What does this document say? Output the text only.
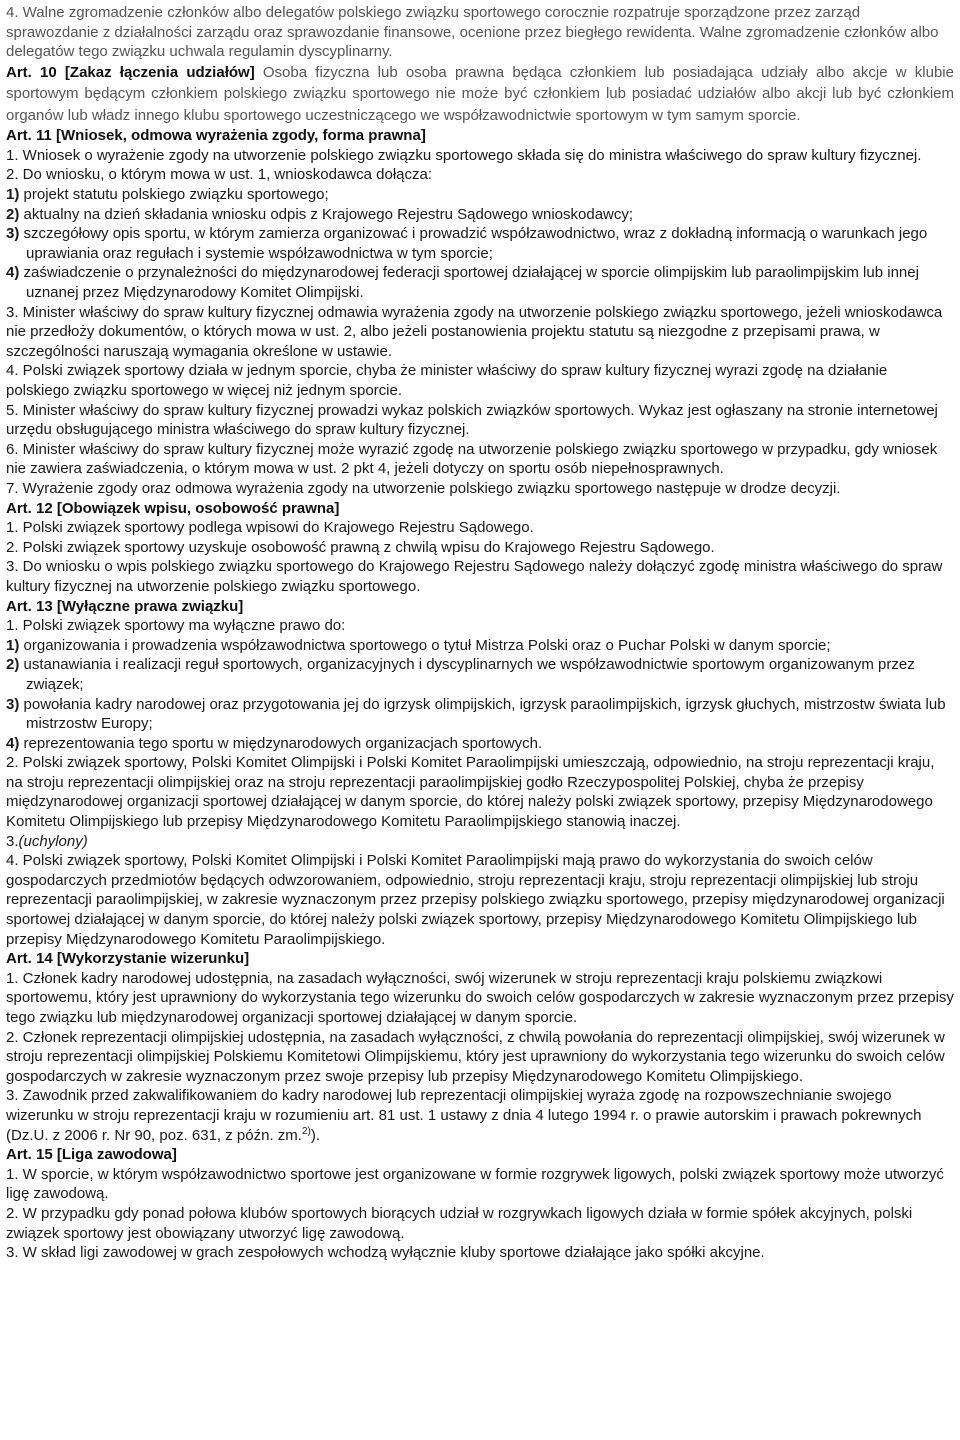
4. Walne zgromadzenie członków albo delegatów polskiego związku sportowego corocznie rozpatruje sporządzone przez zarząd sprawozdanie z działalności zarządu oraz sprawozdanie finansowe, ocenione przez biegłego rewidenta. Walne zgromadzenie członków albo delegatów tego związku uchwala regulamin dyscyplinarny.

Art. 10 [Zakaz łączenia udziałów] Osoba fizyczna lub osoba prawna będąca członkiem lub posiadająca udziały albo akcje w klubie sportowym będącym członkiem polskiego związku sportowego nie może być członkiem lub posiadać udziałów albo akcji lub być członkiem organów lub władz innego klubu sportowego uczestniczącego we współzawodnictwie sportowym w tym samym sporcie.

Art. 11 [Wniosek, odmowa wyrażenia zgody, forma prawna]

1. Wniosek o wyrażenie zgody na utworzenie polskiego związku sportowego składa się do ministra właściwego do spraw kultury fizycznej.

2. Do wniosku, o którym mowa w ust. 1, wnioskodawca dołącza:

1) projekt statutu polskiego związku sportowego;

2) aktualny na dzień składania wniosku odpis z Krajowego Rejestru Sądowego wnioskodawcy;

3) szczegółowy opis sportu, w którym zamierza organizować i prowadzić współzawodnictwo, wraz z dokładną informacją o warunkach jego uprawiania oraz regułach i systemie współzawodnictwa w tym sporcie;

4) zaświadczenie o przynależności do międzynarodowej federacji sportowej działającej w sporcie olimpijskim lub paraolimpijskim lub innej uznanej przez Międzynarodowy Komitet Olimpijski.

3. Minister właściwy do spraw kultury fizycznej odmawia wyrażenia zgody na utworzenie polskiego związku sportowego, jeżeli wnioskodawca nie przedłoży dokumentów, o których mowa w ust. 2, albo jeżeli postanowienia projektu statutu są niezgodne z przepisami prawa, w szczególności naruszają wymagania określone w ustawie.

4. Polski związek sportowy działa w jednym sporcie, chyba że minister właściwy do spraw kultury fizycznej wyrazi zgodę na działanie polskiego związku sportowego w więcej niż jednym sporcie.

5. Minister właściwy do spraw kultury fizycznej prowadzi wykaz polskich związków sportowych. Wykaz jest ogłaszany na stronie internetowej urzędu obsługującego ministra właściwego do spraw kultury fizycznej.

6. Minister właściwy do spraw kultury fizycznej może wyrazić zgodę na utworzenie polskiego związku sportowego w przypadku, gdy wniosek nie zawiera zaświadczenia, o którym mowa w ust. 2 pkt 4, jeżeli dotyczy on sportu osób niepełnosprawnych.

7. Wyrażenie zgody oraz odmowa wyrażenia zgody na utworzenie polskiego związku sportowego następuje w drodze decyzji.

Art. 12 [Obowiązek wpisu, osobowość prawna]

1. Polski związek sportowy podlega wpisowi do Krajowego Rejestru Sądowego.

2. Polski związek sportowy uzyskuje osobowość prawną z chwilą wpisu do Krajowego Rejestru Sądowego.

3. Do wniosku o wpis polskiego związku sportowego do Krajowego Rejestru Sądowego należy dołączyć zgodę ministra właściwego do spraw kultury fizycznej na utworzenie polskiego związku sportowego.

Art. 13 [Wyłączne prawa związku]

1. Polski związek sportowy ma wyłączne prawo do:

1) organizowania i prowadzenia współzawodnictwa sportowego o tytuł Mistrza Polski oraz o Puchar Polski w danym sporcie;

2) ustanawiania i realizacji reguł sportowych, organizacyjnych i dyscyplinarnych we współzawodnictwie sportowym organizowanym przez związek;

3) powołania kadry narodowej oraz przygotowania jej do igrzysk olimpijskich, igrzysk paraolimpijskich, igrzysk głuchych, mistrzostw świata lub mistrzostw Europy;

4) reprezentowania tego sportu w międzynarodowych organizacjach sportowych.

2. Polski związek sportowy, Polski Komitet Olimpijski i Polski Komitet Paraolimpijski umieszczają, odpowiednio, na stroju reprezentacji kraju, na stroju reprezentacji olimpijskiej oraz na stroju reprezentacji paraolimpijskiej godło Rzeczypospolitej Polskiej, chyba że przepisy międzynarodowej organizacji sportowej działającej w danym sporcie, do której należy polski związek sportowy, przepisy Międzynarodowego Komitetu Olimpijskiego lub przepisy Międzynarodowego Komitetu Paraolimpijskiego stanowią inaczej.

3.(uchylony)

4. Polski związek sportowy, Polski Komitet Olimpijski i Polski Komitet Paraolimpijski mają prawo do wykorzystania do swoich celów gospodarczych przedmiotów będących odwzorowaniem, odpowiednio, stroju reprezentacji kraju, stroju reprezentacji olimpijskiej lub stroju reprezentacji paraolimpijskiej, w zakresie wyznaczonym przez przepisy polskiego związku sportowego, przepisy międzynarodowej organizacji sportowej działającej w danym sporcie, do której należy polski związek sportowy, przepisy Międzynarodowego Komitetu Olimpijskiego lub przepisy Międzynarodowego Komitetu Paraolimpijskiego.

Art. 14 [Wykorzystanie wizerunku]

1. Członek kadry narodowej udostępnia, na zasadach wyłączności, swój wizerunek w stroju reprezentacji kraju polskiemu związkowi sportowemu, który jest uprawniony do wykorzystania tego wizerunku do swoich celów gospodarczych w zakresie wyznaczonym przez przepisy tego związku lub międzynarodowej organizacji sportowej działającej w danym sporcie.

2. Członek reprezentacji olimpijskiej udostępnia, na zasadach wyłączności, z chwilą powołania do reprezentacji olimpijskiej, swój wizerunek w stroju reprezentacji olimpijskiej Polskiemu Komitetowi Olimpijskiemu, który jest uprawniony do wykorzystania tego wizerunku do swoich celów gospodarczych w zakresie wyznaczonym przez swoje przepisy lub przepisy Międzynarodowego Komitetu Olimpijskiego.

3. Zawodnik przed zakwalifikowaniem do kadry narodowej lub reprezentacji olimpijskiej wyraża zgodę na rozpowszechnianie swojego wizerunku w stroju reprezentacji kraju w rozumieniu art. 81 ust. 1 ustawy z dnia 4 lutego 1994 r. o prawie autorskim i prawach pokrewnych (Dz.U. z 2006 r. Nr 90, poz. 631, z późn. zm.$^{2)}$).

Art. 15 [Liga zawodowa]

1. W sporcie, w którym współzawodnictwo sportowe jest organizowane w formie rozgrywek ligowych, polski związek sportowy może utworzyć ligę zawodową.

2. W przypadku gdy ponad połowa klubów sportowych biorących udział w rozgrywkach ligowych działa w formie spółek akcyjnych, polski związek sportowy jest obowiązany utworzyć ligę zawodową.

3. W skład ligi zawodowej w grach zespołowych wchodzą wyłącznie kluby sportowe działające jako spółki akcyjne.
